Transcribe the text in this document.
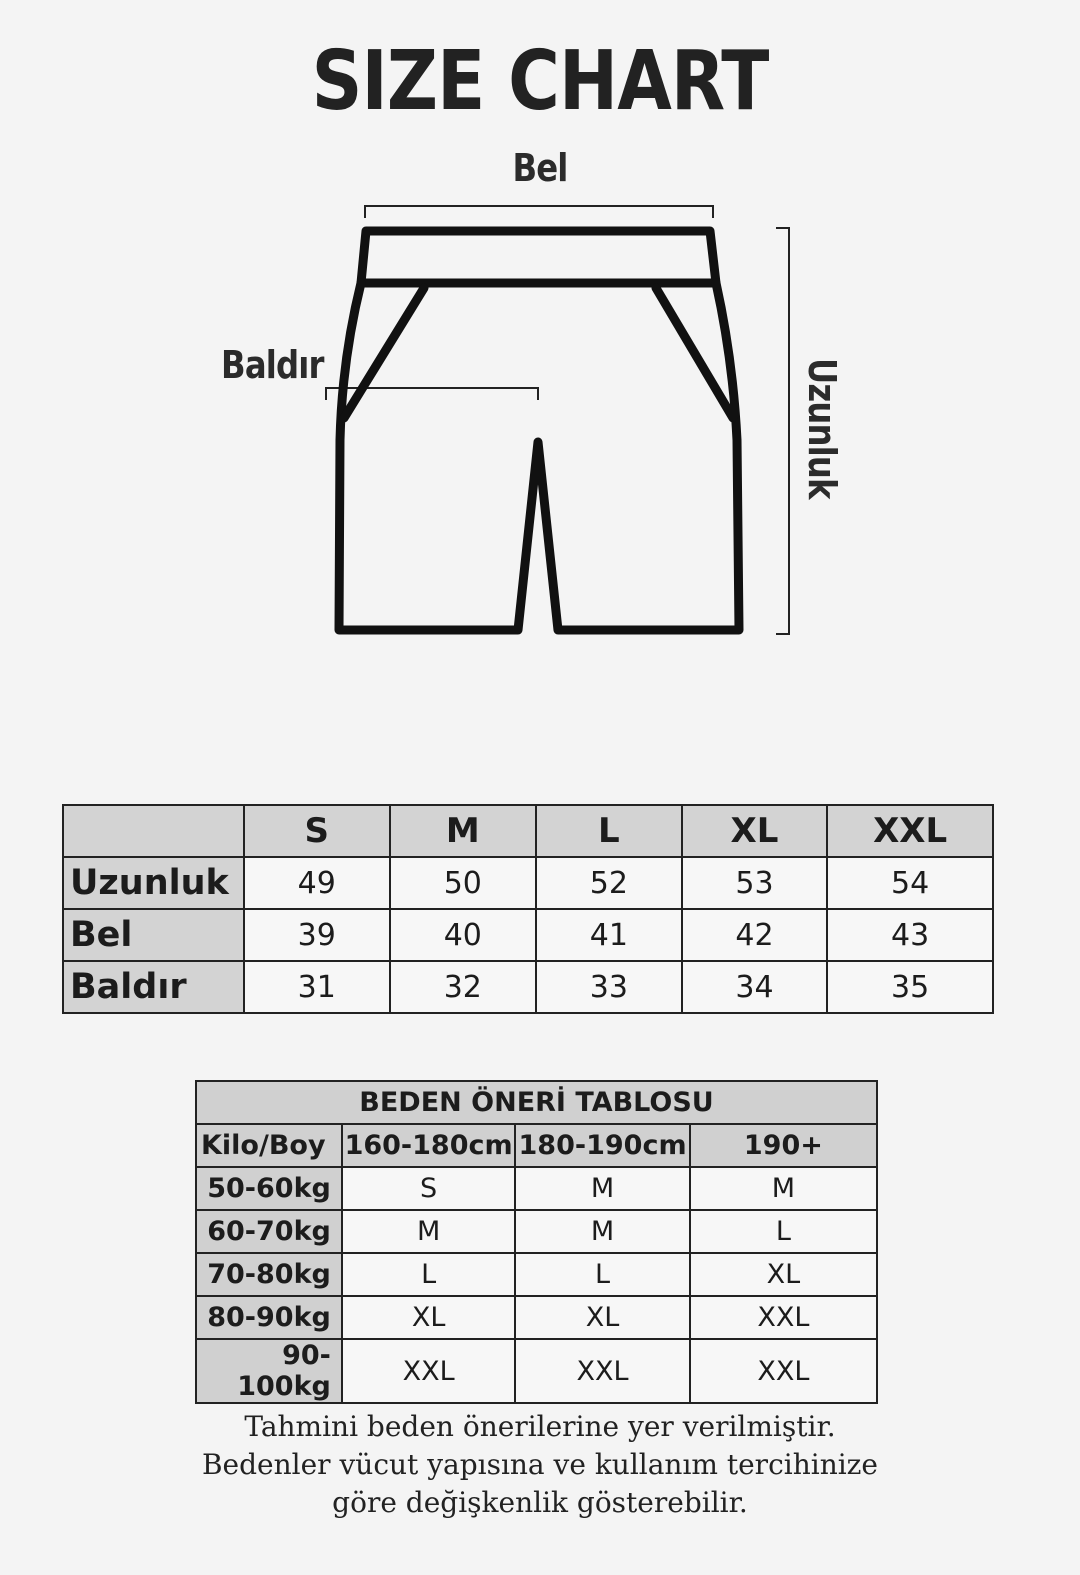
SIZE CHART
Bel
Baldır	Uzunluk
	S	M	L	XL	XXL
Uzunluk	49	50	52	53	54
Bel	39	40	41	42	43
Baldır	31	32	33	34	35
BEDEN ÖNERİ TABLOSU			
Kilo/Boy	160-180cm	180-190cm	190+
50-60kg	S	M	M
60-70kg	M	M	L
70-80kg	L	L	XL
80-90kg	XL	XL	XXL
90-100kg	XXL	XXL	XXL
Tahmini beden önerilerine yer verilmiştir.
Bedenler vücut yapısına ve kullanım tercihinize
göre değişkenlik gösterebilir.
